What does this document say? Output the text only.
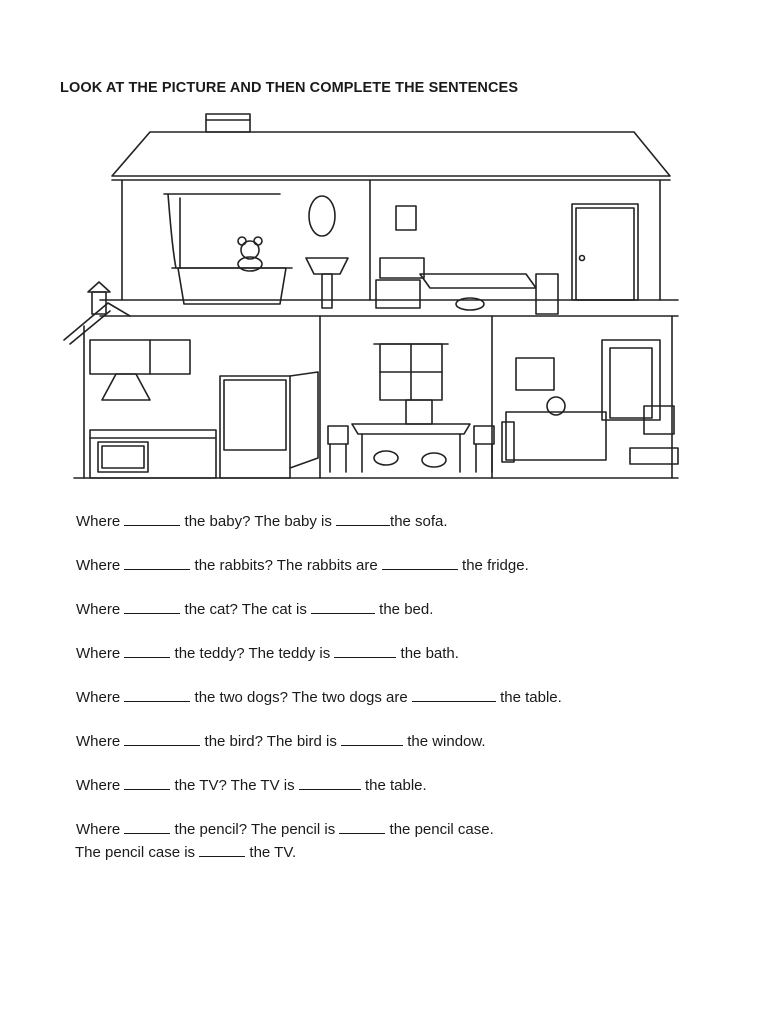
LOOK AT THE PICTURE AND THEN COMPLETE THE SENTENCES
Where	the baby? The baby is	the sofa.
Where	the rabbits? The rabbits are	the fridge.
Where	the cat? The cat is	the bed.
Where	the teddy? The teddy is	the bath.
Where	the two dogs? The two dogs are	the table.
Where	the bird? The bird is	the window.
Where	the TV? The TV is	the table.
Where	the pencil? The pencil is	the pencil case.
The pencil case is	the TV.
